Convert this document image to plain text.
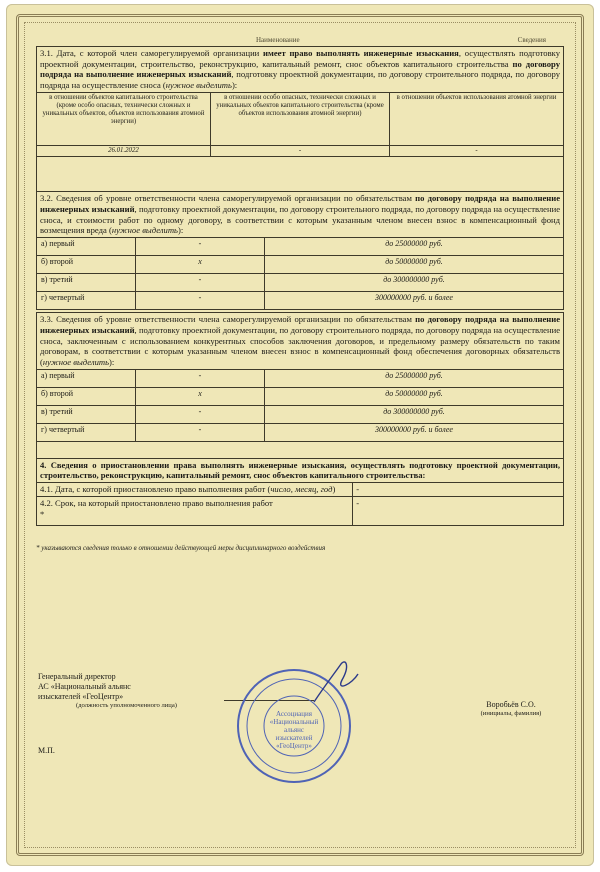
Наименование	Сведения
3.1. Дата, с которой член саморегулируемой организации имеет право выполнять инженерные изыскания, осуществлять подготовку проектной документации, строительство, реконструкцию, капитальный ремонт, снос объектов капитального строительства по договору подряда на выполнение инженерных изысканий, подготовку проектной документации, по договору строительного подряда, по договору подряда на осуществление сноса (нужное выделить):		
в отношении объектов капитального строительства (кроме особо опасных, технически сложных и уникальных объектов, объектов использования атомной энергии)	в отношении особо опасных, технически сложных и уникальных объектов капитального строительства (кроме объектов использования атомной энергии)	в отношении объектов использования атомной энергии
26.01.2022	-	-
3.2. Сведения об уровне ответственности члена саморегулируемой организации по обязательствам по договору подряда на выполнение инженерных изысканий, подготовку проектной документации, по договору строительного подряда, по договору подряда на осуществление сноса, и стоимости работ по одному договору, в соответствии с которым указанным членом внесен взнос в компенсационный фонд возмещения вреда (нужное выделить):		
а) первый	-	до 25000000 руб.
б) второй	x	до 50000000 руб.
в) третий	-	до 300000000 руб.
г) четвертый	-	300000000 руб. и более
3.3. Сведения об уровне ответственности члена саморегулируемой организации по обязательствам по договору подряда на выполнение инженерных изысканий, подготовку проектной документации, по договору строительного подряда, по договору подряда на осуществление сноса, заключенным с использованием конкурентных способов заключения договоров, и предельному размеру обязательств по таким договорам, в соответствии с которым указанным членом внесен взнос в компенсационный фонд обеспечения договорных обязательств (нужное выделить):		
а) первый	-	до 25000000 руб.
б) второй	x	до 50000000 руб.
в) третий	-	до 300000000 руб.
г) четвертый	-	300000000 руб. и более
4. Сведения о приостановлении права выполнять инженерные изыскания, осуществлять подготовку проектной документации, строительство, реконструкцию, капитальный ремонт, снос объектов капитального строительства:	
4.1. Дата, с которой приостановлено право выполнения работ (число, месяц, год)	-
4.2. Срок, на который приостановлено право выполнения работ
*	-
* указываются сведения только в отношении действующей меры дисциплинарного воздействия
Генеральный директор
АС «Национальный альянс
изыскателей «ГеоЦентр»
(должность уполномоченного лица)	Воробьёв С.О.
(инициалы, фамилия)
М.П.
Ассоциация
«Национальный
альянс
изыскателей
«ГеоЦентр»
